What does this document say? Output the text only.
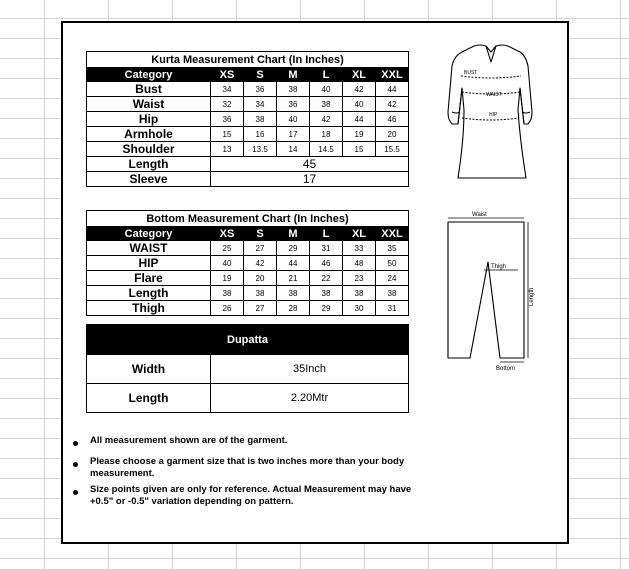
Kurta Measurement Chart (In Inches)						
Category	XS	S	M	L	XL	XXL
Bust	34	36	38	40	42	44
Waist	32	34	36	38	40	42
Hip	36	38	40	42	44	46
Armhole	15	16	17	18	19	20
Shoulder	13	13.5	14	14.5	15	15.5
Length	45					
Sleeve	17					
Bottom Measurement Chart (In Inches)						
Category	XS	S	M	L	XL	XXL
WAIST	25	27	29	31	33	35
HIP	40	42	44	46	48	50
Flare	19	20	21	22	23	24
Length	38	38	38	38	38	38
Thigh	26	27	28	29	30	31
Dupatta	
Width	35Inch
Length	2.20Mtr
All measurement shown are of the garment.
Please choose a garment size that is two inches more than your body measurement.
Size points given are only for reference. Actual Measurement may have +0.5" or -0.5" variation depending on pattern.
BUST
WAIST
HIP
Waist
Thigh
Length
Bottom
